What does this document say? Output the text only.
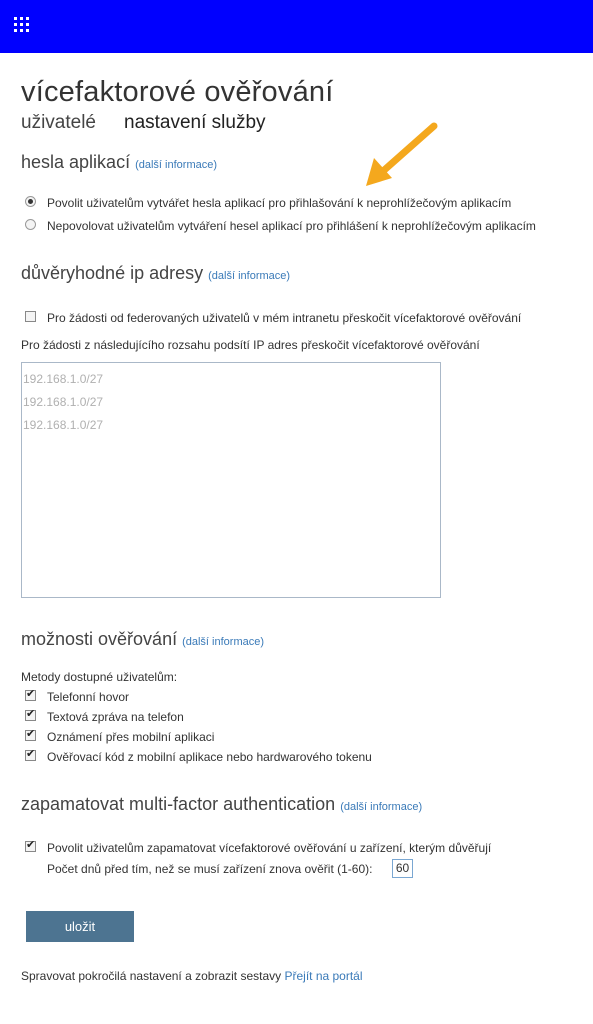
vícefaktorové ověřování
uživatelé nastavení služby
hesla aplikací (další informace)
Povolit uživatelům vytvářet hesla aplikací pro přihlašování k neprohlížečovým aplikacím
Nepovolovat uživatelům vytváření hesel aplikací pro přihlášení k neprohlížečovým aplikacím
důvěryhodné ip adresy (další informace)
Pro žádosti od federovaných uživatelů v mém intranetu přeskočit vícefaktorové ověřování
Pro žádosti z následujícího rozsahu podsítí IP adres přeskočit vícefaktorové ověřování
192.168.1.0/27
192.168.1.0/27
192.168.1.0/27
možnosti ověřování (další informace)
Metody dostupné uživatelům:
✔
Telefonní hovor
✔
Textová zpráva na telefon
✔
Oznámení přes mobilní aplikaci
✔
Ověřovací kód z mobilní aplikace nebo hardwarového tokenu
zapamatovat multi-factor authentication (další informace)
✔
Povolit uživatelům zapamatovat vícefaktorové ověřování u zařízení, kterým důvěřují
Počet dnů před tím, než se musí zařízení znova ověřit (1-60):	60
uložit
Spravovat pokročilá nastavení a zobrazit sestavy Přejít na portál
